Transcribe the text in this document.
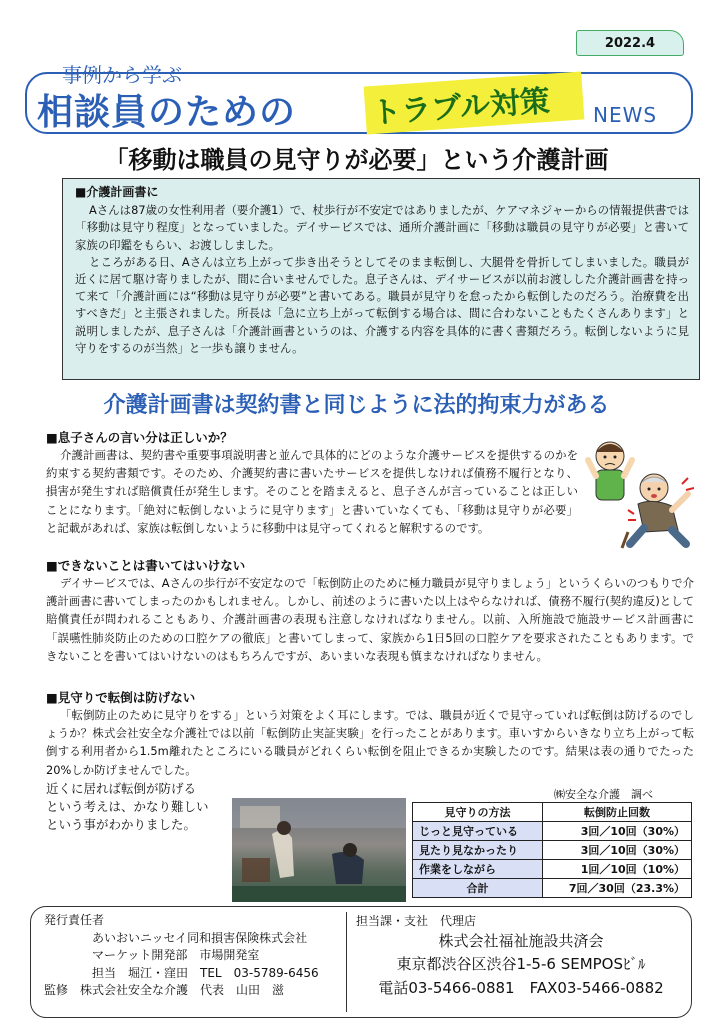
2022.4
事例から学ぶ
相談員のための トラブル対策 NEWS
「移動は職員の見守りが必要」という介護計画
■介護計画書に

Aさんは87歳の女性利用者（要介護1）で、杖歩行が不安定ではありましたが、ケアマネジャーからの情報提供書では「移動は見守り程度」となっていました。デイサービスでは、通所介護計画に「移動は職員の見守りが必要」と書いて家族の印鑑をもらい、お渡ししました。

ところがある日、Aさんは立ち上がって歩き出そうとしてそのまま転倒し、大腿骨を骨折してしまいました。職員が近くに居て駆け寄りましたが、間に合いませんでした。息子さんは、デイサービスが以前お渡しした介護計画書を持って来て「介護計画には“移動は見守りが必要”と書いてある。職員が見守りを怠ったから転倒したのだろう。治療費を出すべきだ」と主張されました。所長は「急に立ち上がって転倒する場合は、間に合わないこともたくさんあります」と説明しましたが、息子さんは「介護計画書というのは、介護する内容を具体的に書く書類だろう。転倒しないように見守りをするのが当然」と一歩も譲りません。

介護計画書は契約書と同じように法的拘束力がある
■息子さんの言い分は正しいか？
介護計画書は、契約書や重要事項説明書と並んで具体的にどのような介護サービスを提供するのかを約束する契約書類です。そのため、介護契約書に書いたサービスを提供しなければ債務不履行となり、損害が発生すれば賠償責任が発生します。そのことを踏まえると、息子さんが言っていることは正しいことになります。「絶対に転倒しないように見守ります」と書いていなくても、「移動は見守りが必要」と記載があれば、家族は転倒しないように移動中は見守ってくれると解釈するのです。
■できないことは書いてはいけない
デイサービスでは、Aさんの歩行が不安定なので「転倒防止のために極力職員が見守りましょう」というくらいのつもりで介護計画書に書いてしまったのかもしれません。しかし、前述のように書いた以上はやらなければ、債務不履行(契約違反)として賠償責任が問われることもあり、介護計画書の表現も注意しなければなりません。以前、入所施設で施設サービス計画書に「誤嚥性肺炎防止のための口腔ケアの徹底」と書いてしまって、家族から1日5回の口腔ケアを要求されたこともあります。できないことを書いてはいけないのはもちろんですが、あいまいな表現も慎まなければなりません。
■見守りで転倒は防げない
「転倒防止のために見守りをする」という対策をよく耳にします。では、職員が近くで見守っていれば転倒は防げるのでしょうか？株式会社安全な介護社では以前「転倒防止実証実験」を行ったことがあります。車いすからいきなり立ち上がって転倒する利用者から1.5m離れたところにいる職員がどれくらい転倒を阻止できるか実験したのです。結果は表の通りでたった20%しか防げませんでした。
近くに居れば転倒が防げる
という考えは、かなり難しい
という事がわかりました。
㈱安全な介護　調べ
見守りの方法	転倒防止回数
じっと見守っている	3回／10回（30%）
見たり見なかったり	3回／10回（30%）
作業をしながら	1回／10回（10%）
合計	7回／30回（23.3%）
発行責任者
あいおいニッセイ同和損害保険株式会社
マーケット開発部　市場開発室
担当　堀江・窪田　TEL　03-5789-6456
監修　株式会社安全な介護　代表　山田　滋
担当課・支社　代理店
株式会社福祉施設共済会
東京都渋谷区渋谷1-5-6 SEMPOSﾋﾞﾙ
電話03-5466-0881　FAX03-5466-0882
